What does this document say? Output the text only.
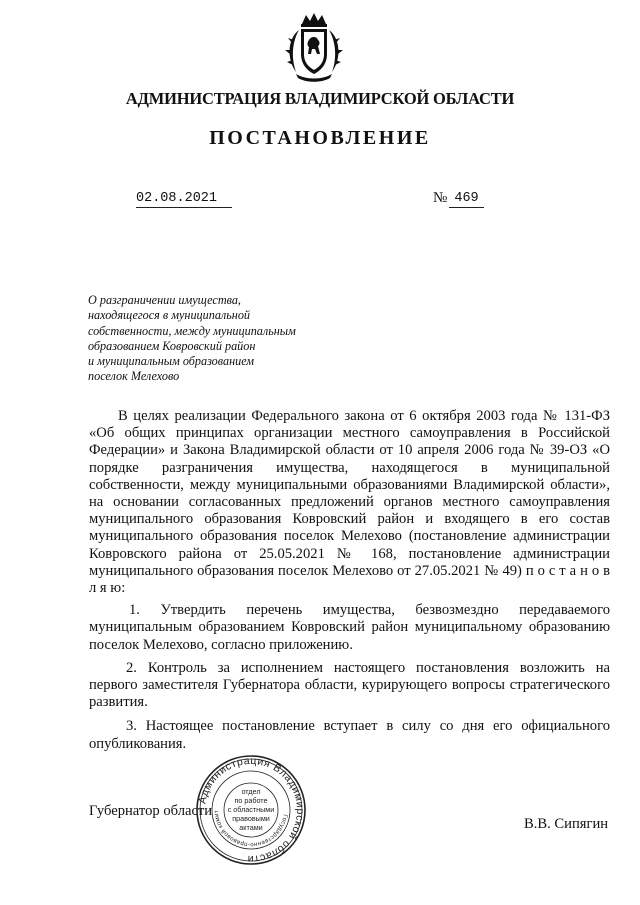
АДМИНИСТРАЦИЯ ВЛАДИМИРСКОЙ ОБЛАСТИ
ПОСТАНОВЛЕНИЕ
02.08.2021	№ 469
О разграничении имущества,
находящегося в муниципальной
собственности, между муниципальным
образованием Ковровский район
и муниципальным образованием
поселок Мелехово

В целях реализации Федерального закона от 6 октября 2003 года № 131-ФЗ «Об общих принципах организации местного самоуправления в Российской Федерации» и Закона Владимирской области от 10 апреля 2006 года № 39-ОЗ «О порядке разграничения имущества, находящегося в муниципальной собственности, между муниципальными образованиями Владимирской области», на основании согласованных предложений органов местного самоуправления муниципального образования Ковровский район и входящего в его состав муниципального образования поселок Мелехово (постановление администрации Ковровского района от 25.05.2021 № 168, постановление администрации муниципального образования поселок Мелехово от 27.05.2021 № 49) п о с т а н о в л я ю:

1. Утвердить перечень имущества, безвозмездно передаваемого муниципальным образованием Ковровский район муниципальному образованию поселок Мелехово, согласно приложению.

2. Контроль за исполнением настоящего постановления возложить на первого заместителя Губернатора области, курирующего вопросы стратегического развития.

3. Настоящее постановление вступает в силу со дня его официального опубликования.

Губернатор области
В.В. Сипягин
Администрация Владимирской области
Государственно-правовой комит
отдел
по работе
с областными
правовыми
актами
